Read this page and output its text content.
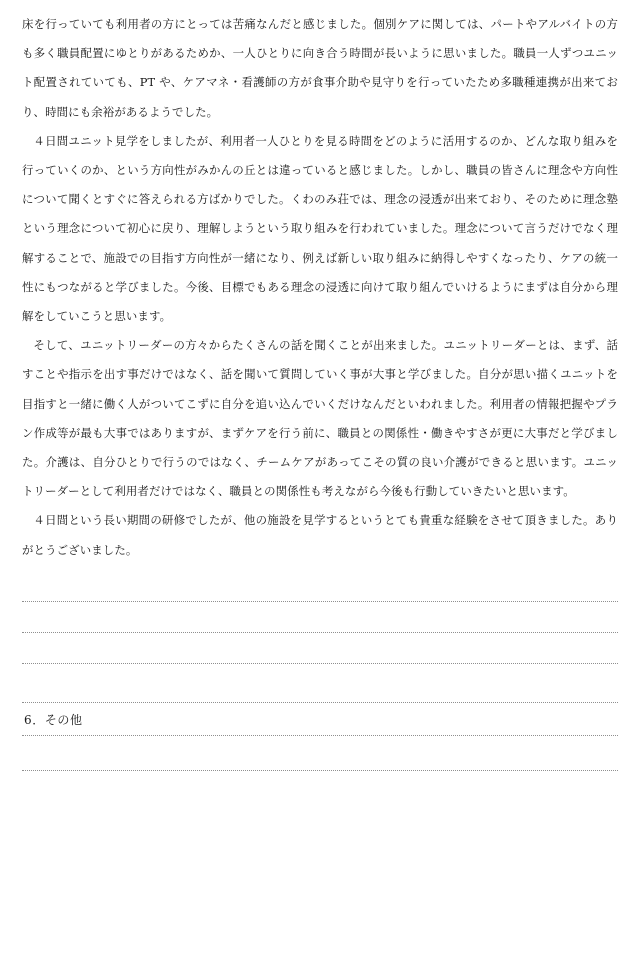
床を行っていても利用者の方にとっては苦痛なんだと感じました。個別ケアに関しては、パートやアルバイトの方も多く職員配置にゆとりがあるためか、一人ひとりに向き合う時間が長いように思いました。職員一人ずつユニット配置されていても、PT や、ケアマネ・看護師の方が食事介助や見守りを行っていたため多職種連携が出来ており、時間にも余裕があるようでした。

４日間ユニット見学をしましたが、利用者一人ひとりを見る時間をどのように活用するのか、どんな取り組みを行っていくのか、という方向性がみかんの丘とは違っていると感じました。しかし、職員の皆さんに理念や方向性について聞くとすぐに答えられる方ばかりでした。くわのみ荘では、理念の浸透が出来ており、そのために理念塾という理念について初心に戻り、理解しようという取り組みを行われていました。理念について言うだけでなく理解することで、施設での目指す方向性が一緒になり、例えば新しい取り組みに納得しやすくなったり、ケアの統一性にもつながると学びました。今後、目標でもある理念の浸透に向けて取り組んでいけるようにまずは自分から理解をしていこうと思います。

そして、ユニットリーダーの方々からたくさんの話を聞くことが出来ました。ユニットリーダーとは、まず、話すことや指示を出す事だけではなく、話を聞いて質問していく事が大事と学びました。自分が思い描くユニットを目指すと一緒に働く人がついてこずに自分を追い込んでいくだけなんだといわれました。利用者の情報把握やプラン作成等が最も大事ではありますが、まずケアを行う前に、職員との関係性・働きやすさが更に大事だと学びました。介護は、自分ひとりで行うのではなく、チームケアがあってこその質の良い介護ができると思います。ユニットリーダーとして利用者だけではなく、職員との関係性も考えながら今後も行動していきたいと思います。

４日間という長い期間の研修でしたが、他の施設を見学するというとても貴重な経験をさせて頂きました。ありがとうございました。

6．その他
